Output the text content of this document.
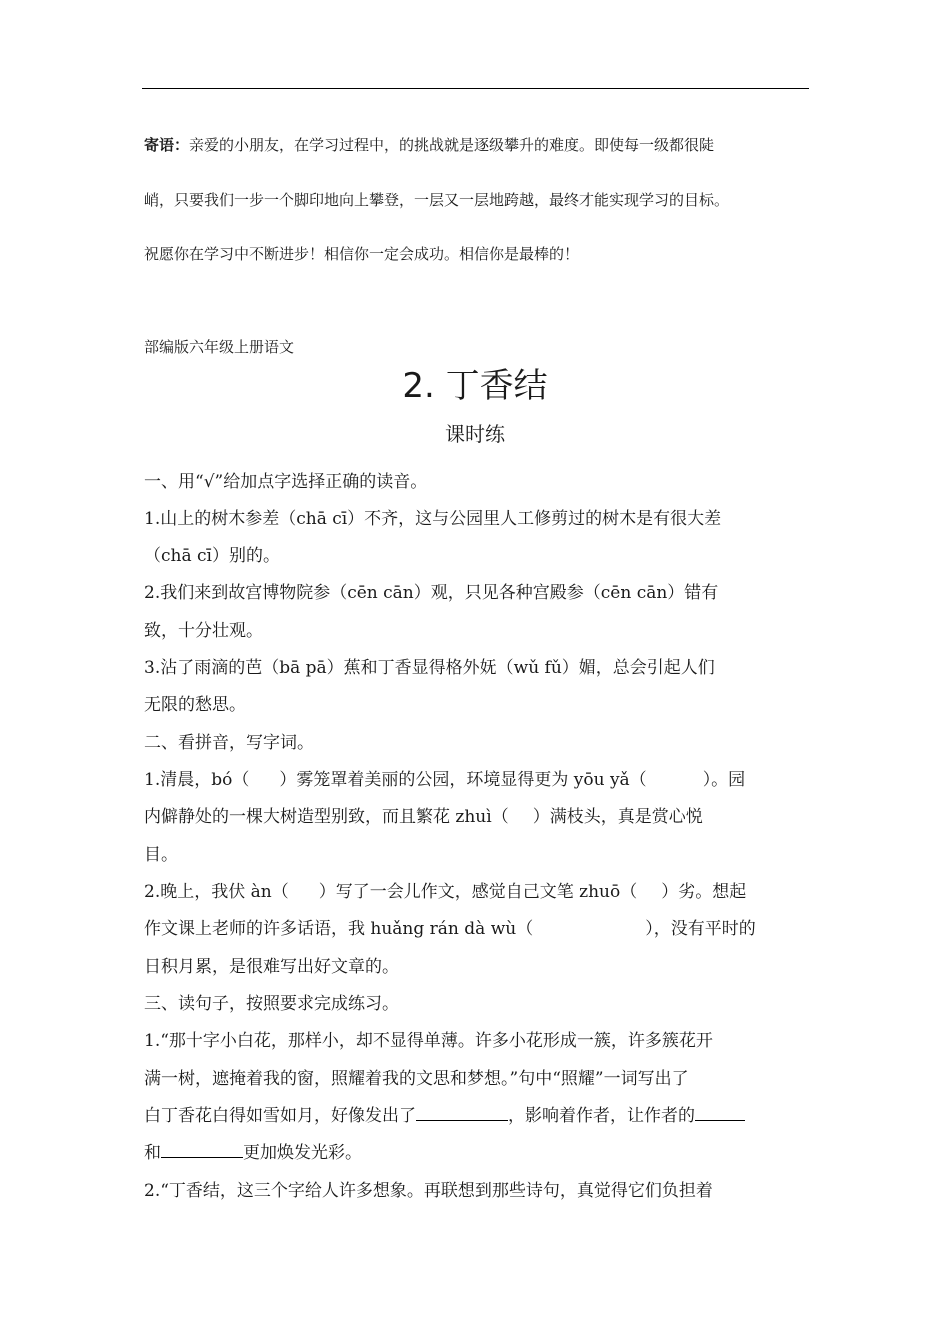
寄语：亲爱的小朋友，在学习过程中，的挑战就是逐级攀升的难度。即使每一级都很陡
峭，只要我们一步一个脚印地向上攀登，一层又一层地跨越，最终才能实现学习的目标。
祝愿你在学习中不断进步！相信你一定会成功。相信你是最棒的！
部编版六年级上册语文
2. 丁香结
课时练
一、用“√”给加点字选择正确的读音。
1.山上的树木参差（chā cī）不齐，这与公园里人工修剪过的树木是有很大差
（chā cī）别的。
2.我们来到故宫博物院参（cēn cān）观，只见各种宫殿参（cēn cān）错有
致，十分壮观。
3.沾了雨滴的芭（bā pā）蕉和丁香显得格外妩（wǔ fǔ）媚，总会引起人们
无限的愁思。
二、看拼音，写字词。
1.清晨，bó（ ）雾笼罩着美丽的公园，环境显得更为 yōu yǎ（	）。园
内僻静处的一棵大树造型别致，而且繁花 zhuì（ ）满枝头，真是赏心悦
目。
2.晚上，我伏 àn（ ）写了一会儿作文，感觉自己文笔 zhuō（ ）劣。想起
作文课上老师的许多话语，我 huǎng rán dà wù（	），没有平时的
日积月累，是很难写出好文章的。
三、读句子，按照要求完成练习。
1.“那十字小白花，那样小，却不显得单薄。许多小花形成一簇，许多簇花开
满一树，遮掩着我的窗，照耀着我的文思和梦想。”句中“照耀”一词写出了
白丁香花白得如雪如月，好像发出了	，影响着作者，让作者的
和	更加焕发光彩。
2.“丁香结，这三个字给人许多想象。再联想到那些诗句，真觉得它们负担着
